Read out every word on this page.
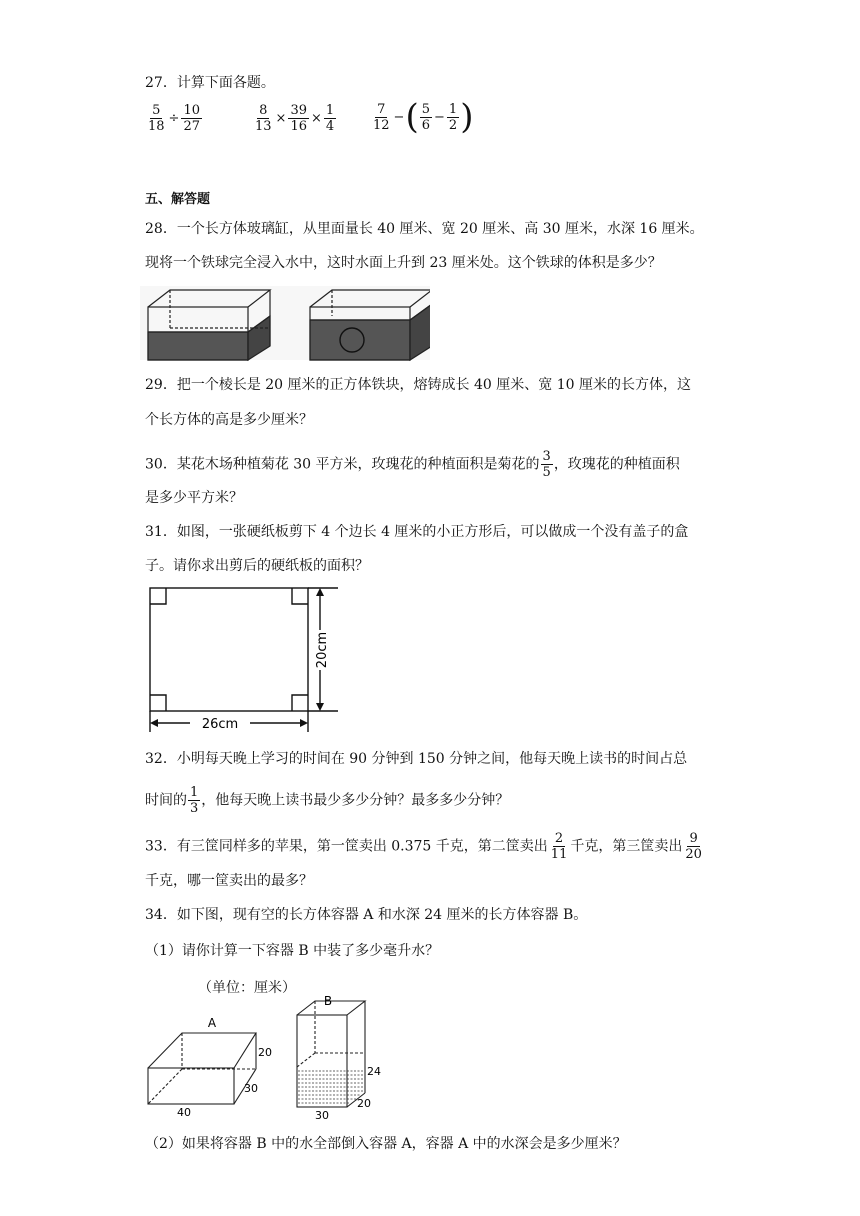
27．计算下面各题。
$\frac{5}{18} \div \frac{10}{27}$	$\frac{8}{13} \times \frac{39}{16} \times \frac{1}{4}$	$\frac{7}{12}$ −( $\frac{5}{6} - \frac{1}{2}$ )
五、解答题
28．一个长方体玻璃缸，从里面量长 40 厘米、宽 20 厘米、高 30 厘米，水深 16 厘米。
现将一个铁球完全浸入水中，这时水面上升到 23 厘米处。这个铁球的体积是多少？
29．把一个棱长是 20 厘米的正方体铁块，熔铸成长 40 厘米、宽 10 厘米的长方体，这
个长方体的高是多少厘米？
30．某花木场种植菊花 30 平方米，玫瑰花的种植面积是菊花的 $\frac{3}{5}$ ，玫瑰花的种植面积
是多少平方米？
31．如图，一张硬纸板剪下 4 个边长 4 厘米的小正方形后，可以做成一个没有盖子的盒
子。请你求出剪后的硬纸板的面积？
26cm
20cm
32．小明每天晚上学习的时间在 90 分钟到 150 分钟之间，他每天晚上读书的时间占总
时间的 $\frac{1}{3}$ ，他每天晚上读书最少多少分钟？最多多少分钟？
33．有三筐同样多的苹果，第一筐卖出 0.375 千克，第二筐卖出 $\frac{2}{11}$ 千克，第三筐卖出 $\frac{9}{20}$
千克，哪一筐卖出的最多？
34．如下图，现有空的长方体容器 A 和水深 24 厘米的长方体容器 B。
（1）请你计算一下容器 B 中装了多少毫升水？
（单位：厘米）
A
20
30
40
B
24
20
30
（2）如果将容器 B 中的水全部倒入容器 A，容器 A 中的水深会是多少厘米？
